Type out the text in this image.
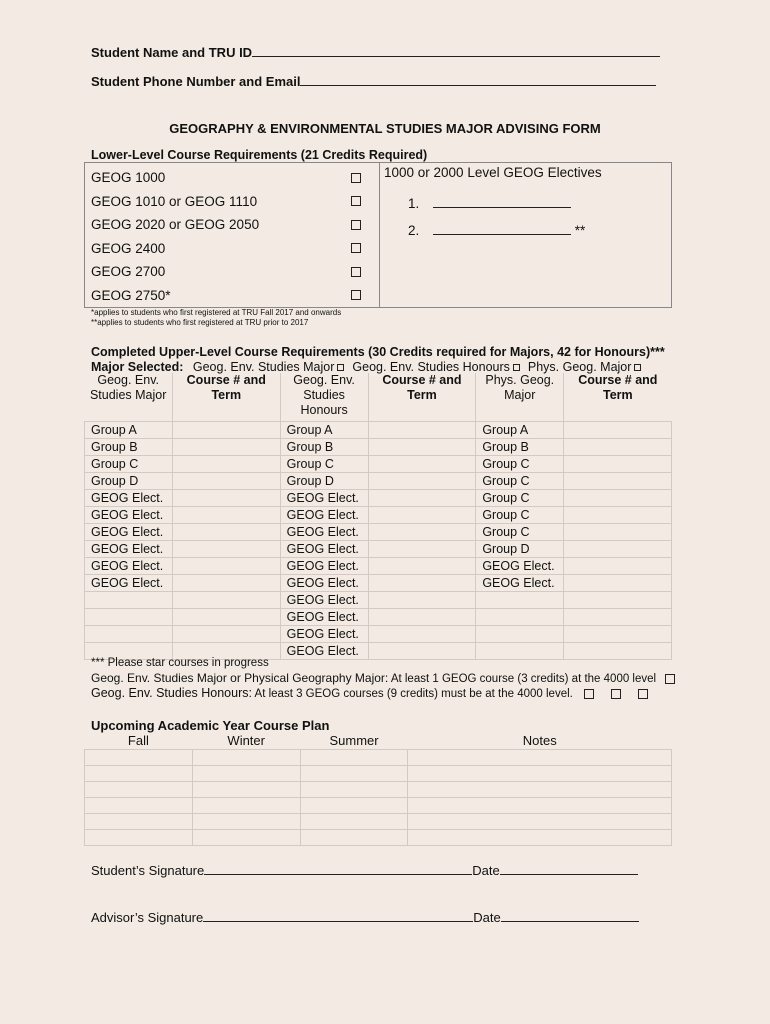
Student Name and TRU ID
Student Phone Number and Email
GEOGRAPHY & ENVIRONMENTAL STUDIES MAJOR ADVISING FORM
Lower-Level Course Requirements (21 Credits Required)
GEOG 1000
GEOG 1010 or GEOG 1110
GEOG 2020 or GEOG 2050
GEOG 2400
GEOG 2700
GEOG 2750*

1000 or 2000 Level GEOG Electives
1.
2.	**
*applies to students who first registered at TRU Fall 2017 and onwards
**applies to students who first registered at TRU prior to 2017
Completed Upper-Level Course Requirements (30 Credits required for Majors, 42 for Honours)***
Major Selected: Geog. Env. Studies Major Geog. Env. Studies Honours Phys. Geog. Major
Geog. Env. Studies Major	Course # and Term	Geog. Env. Studies Honours	Course # and Term	Phys. Geog. Major	Course # and Term
Group A		Group A		Group A	
Group B		Group B		Group B	
Group C		Group C		Group C	
Group D		Group D		Group C	
GEOG Elect.		GEOG Elect.		Group C	
GEOG Elect.		GEOG Elect.		Group C	
GEOG Elect.		GEOG Elect.		Group C	
GEOG Elect.		GEOG Elect.		Group D	
GEOG Elect.		GEOG Elect.		GEOG Elect.	
GEOG Elect.		GEOG Elect.		GEOG Elect.	
		GEOG Elect.			
		GEOG Elect.			
		GEOG Elect.			
		GEOG Elect.			
*** Please star courses in progress
Geog. Env. Studies Major or Physical Geography Major: At least 1 GEOG course (3 credits) at the 4000 level
Geog. Env. Studies Honours: At least 3 GEOG courses (9 credits) must be at the 4000 level.
Upcoming Academic Year Course Plan
Fall	Winter	Summer	Notes

Student’s Signature	Date
Advisor’s Signature	Date
